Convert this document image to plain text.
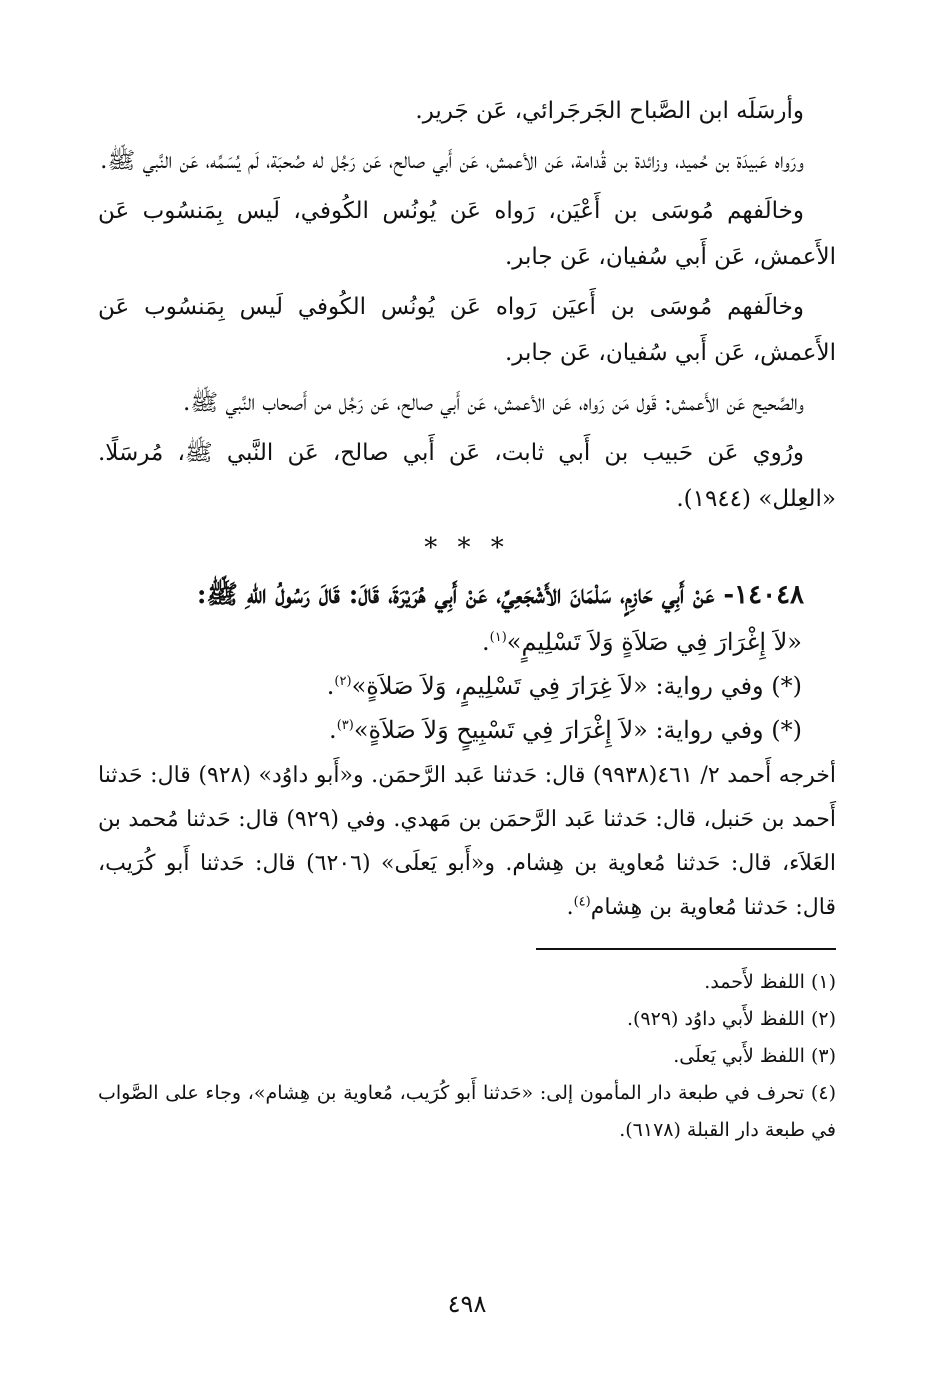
وأرسَلَه ابن الصَّباح الجَرجَرائي، عَن جَرير.

ورَواه عَبيدَة بن حُميد، وزائدة بن قُدامة، عَن الأعمش، عَن أَبي صالح، عَن رَجُل له صُحبَة، لَم يُسَمِّه، عَن النَّبي ﷺ.

وخالَفهم مُوسَى بن أَعْيَن، رَواه عَن يُونُس الكُوفي، لَيس بِمَنسُوب عَن الأَعمش، عَن أَبي سُفيان، عَن جابر.

وخالَفهم مُوسَى بن أَعيَن رَواه عَن يُونُس الكُوفي لَيس بِمَنسُوب عَن الأَعمش، عَن أَبي سُفيان، عَن جابر.

والصَّحيح عَن الأَعمش: قَول مَن رَواه، عَن الأعمش، عَن أَبي صالح، عَن رَجُل من أَصحاب النَّبي ﷺ.

ورُوي عَن حَبيب بن أَبي ثابت، عَن أَبي صالح، عَن النَّبي ﷺ، مُرسَلًا. «العِلل» (١٩٤٤).

* * *

١٤٠٤٨- عَنْ أَبِي حَازِمٍ، سَلْمَانَ الأَشْجَعِيِّ، عَنْ أَبِي هُرَيْرَةَ، قَالَ: قَالَ رَسُولُ اللهِ ﷺ:

«لاَ إِغْرَارَ فِي صَلاَةٍ وَلاَ تَسْلِيمٍ»$^{(١)}$.

(*) وفي رواية: «لاَ غِرَارَ فِي تَسْلِيمٍ، وَلاَ صَلاَةٍ»$^{(٢)}$.

(*) وفي رواية: «لاَ إِغْرَارَ فِي تَسْبِيحٍ وَلاَ صَلاَةٍ»$^{(٣)}$.

أخرجه أَحمد ٢/ ٤٦١(٩٩٣٨) قال: حَدثنا عَبد الرَّحمَن. و«أَبو داوُد» (٩٢٨) قال: حَدثنا أَحمد بن حَنبل، قال: حَدثنا عَبد الرَّحمَن بن مَهدي. وفي (٩٢٩) قال: حَدثنا مُحمد بن العَلاَء، قال: حَدثنا مُعاوية بن هِشام. و«أَبو يَعلَى» (٦٢٠٦) قال: حَدثنا أَبو كُرَيب، قال: حَدثنا مُعاوية بن هِشام$^{(٤)}$.

(١) اللفظ لأَحمد.

(٢) اللفظ لأَبي داوُد (٩٢٩).

(٣) اللفظ لأَبي يَعلَى.

(٤) تحرف في طبعة دار المأمون إلى: «حَدثنا أَبو كُرَيب، مُعاوية بن هِشام»، وجاء على الصَّواب في طبعة دار القبلة (٦١٧٨).

٤٩٨
